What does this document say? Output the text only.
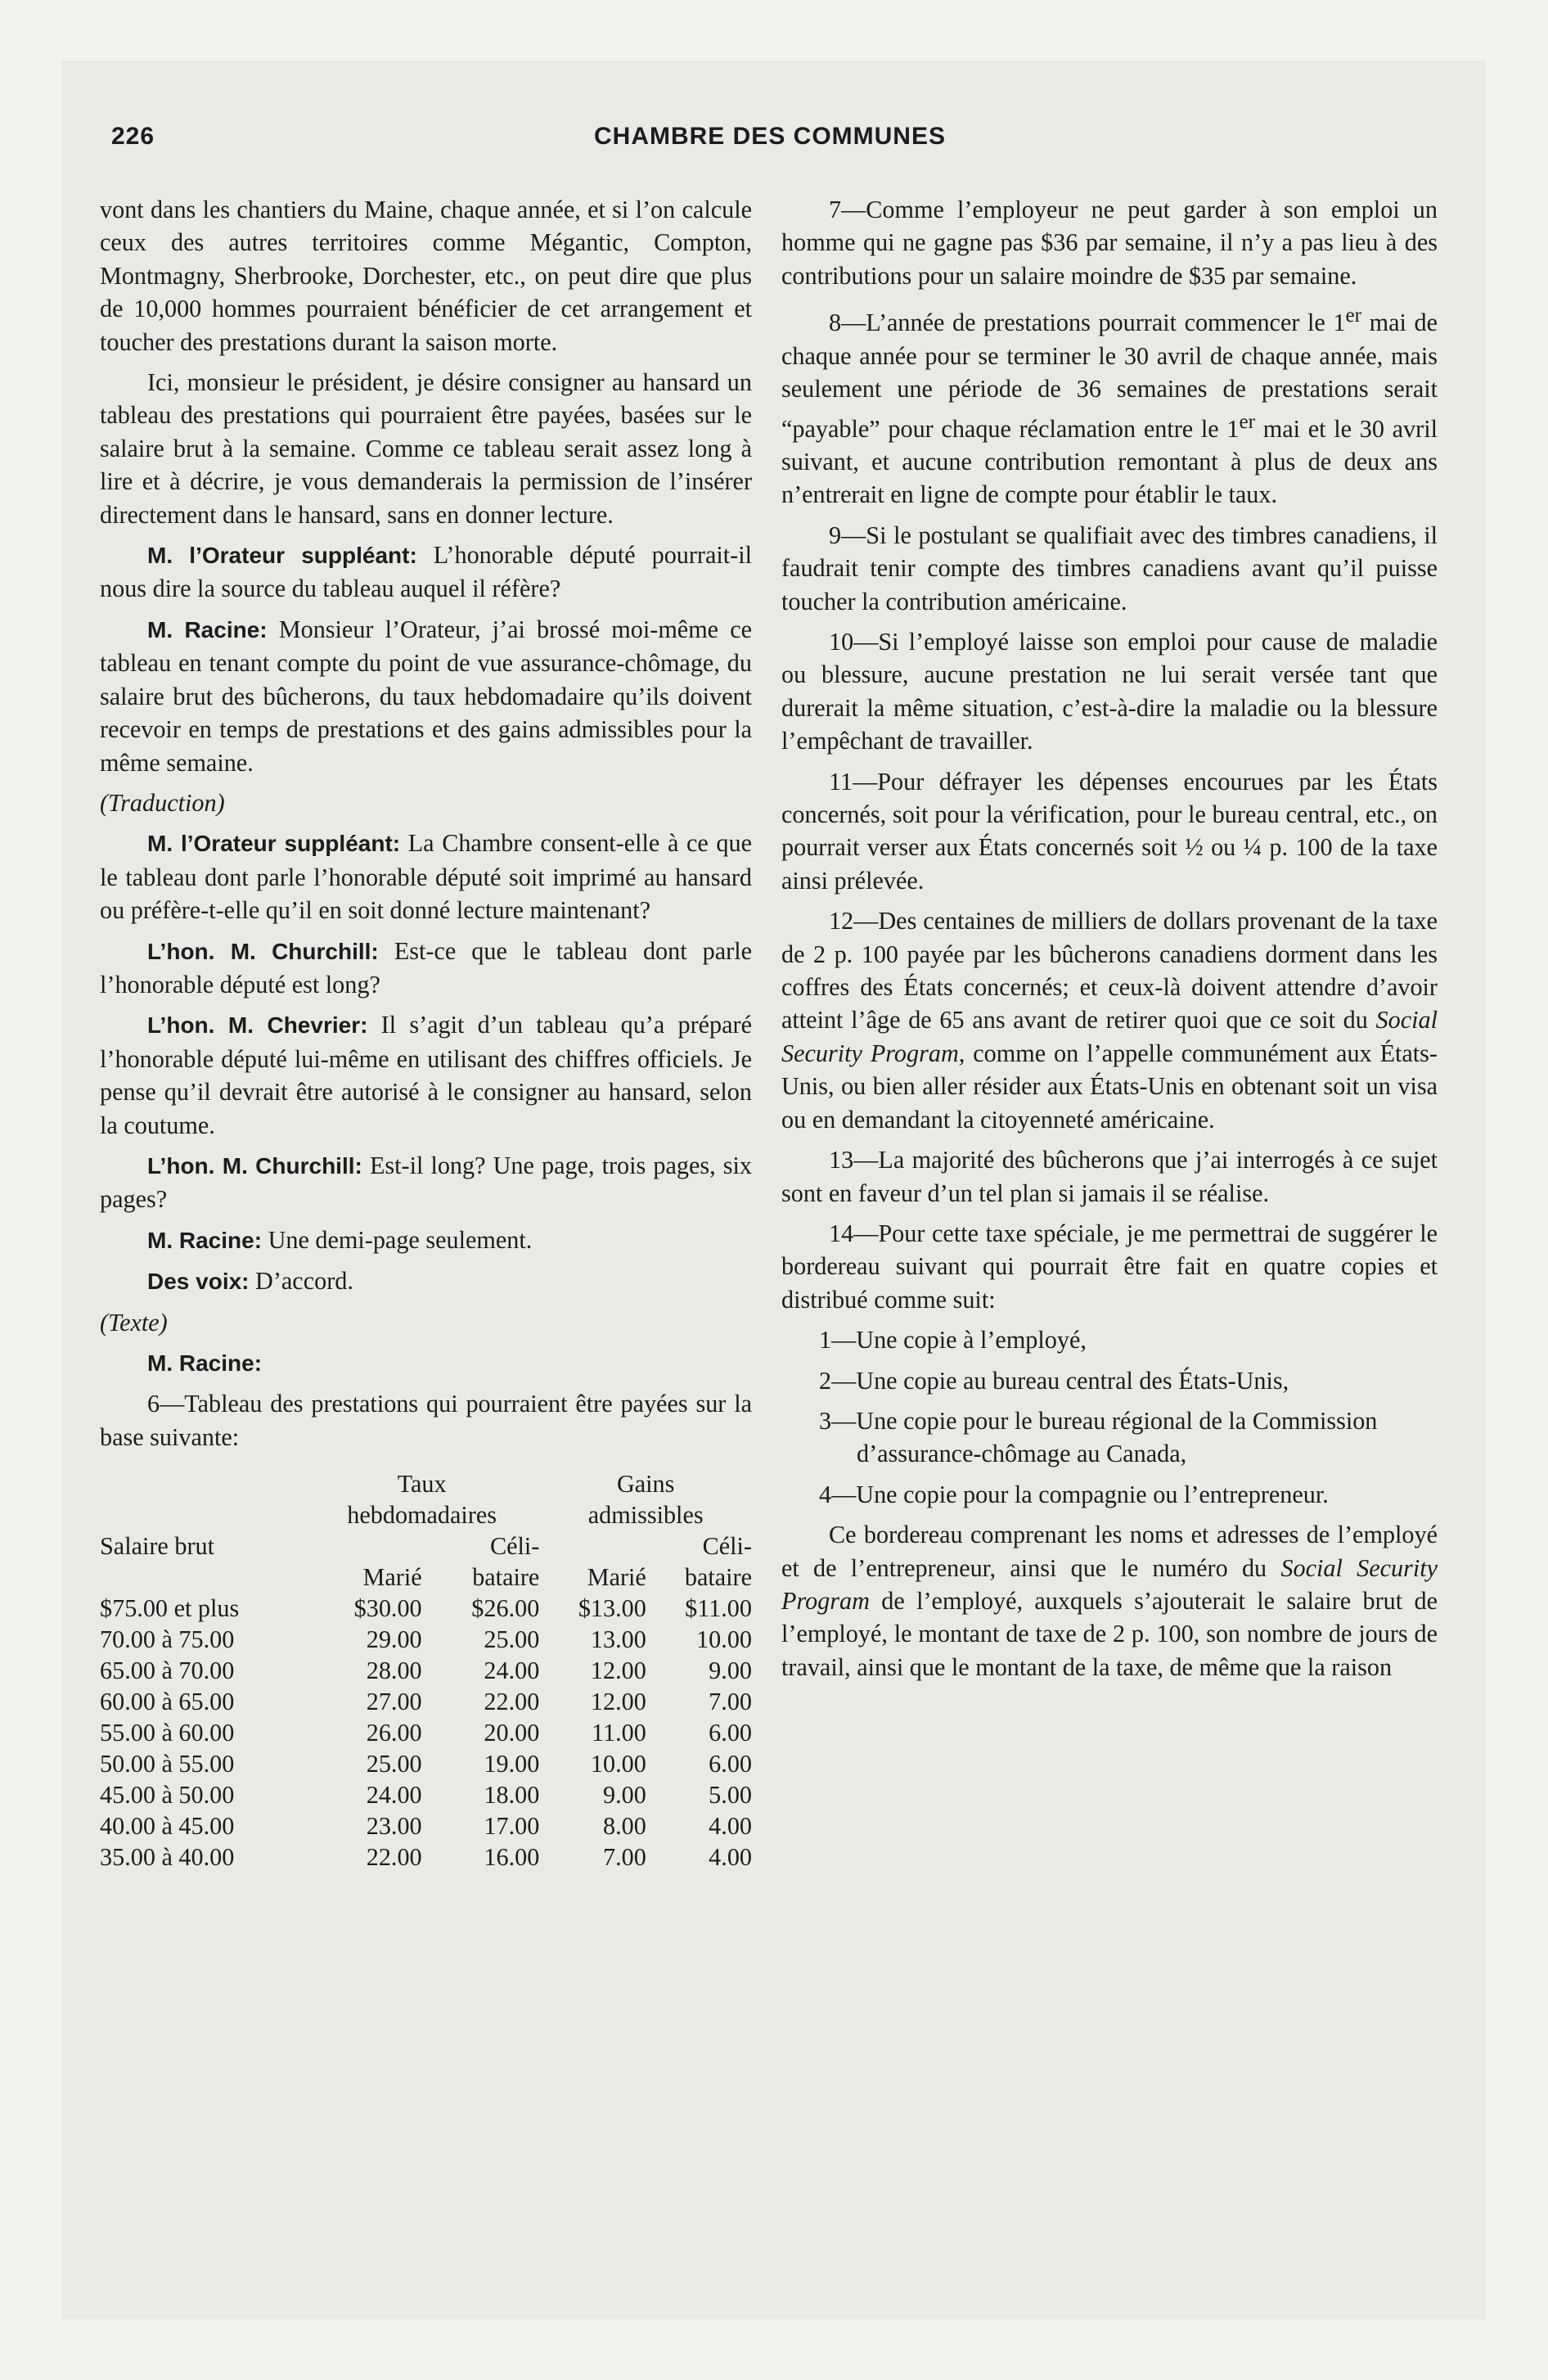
226	CHAMBRE DES COMMUNES

vont dans les chantiers du Maine, chaque année, et si l’on calcule ceux des autres territoires comme Mégantic, Compton, Montmagny, Sherbrooke, Dorchester, etc., on peut dire que plus de 10,000 hommes pourraient bénéficier de cet arrangement et toucher des prestations durant la saison morte.

Ici, monsieur le président, je désire consigner au hansard un tableau des prestations qui pourraient être payées, basées sur le salaire brut à la semaine. Comme ce tableau serait assez long à lire et à décrire, je vous demanderais la permission de l’insérer directement dans le hansard, sans en donner lecture.

M. l’Orateur suppléant: L’honorable député pourrait-il nous dire la source du tableau auquel il réfère?

M. Racine: Monsieur l’Orateur, j’ai brossé moi-même ce tableau en tenant compte du point de vue assurance-chômage, du salaire brut des bûcherons, du taux hebdomadaire qu’ils doivent recevoir en temps de prestations et des gains admissibles pour la même semaine.

(Traduction)

M. l’Orateur suppléant: La Chambre consent-elle à ce que le tableau dont parle l’honorable député soit imprimé au hansard ou préfère-t-elle qu’il en soit donné lecture maintenant?

L’hon. M. Churchill: Est-ce que le tableau dont parle l’honorable député est long?

L’hon. M. Chevrier: Il s’agit d’un tableau qu’a préparé l’honorable député lui-même en utilisant des chiffres officiels. Je pense qu’il devrait être autorisé à le consigner au hansard, selon la coutume.

L’hon. M. Churchill: Est-il long? Une page, trois pages, six pages?

M. Racine: Une demi-page seulement.

Des voix: D’accord.

(Texte)

M. Racine:

6—Tableau des prestations qui pourraient être payées sur la base suivante:

	Taux		Gains	
	hebdomadaires		admissibles	
Salaire brut		Céli-		Céli-
	Marié	bataire	Marié	bataire
$75.00 et plus	$30.00	$26.00	$13.00	$11.00
70.00 à 75.00	29.00	25.00	13.00	10.00
65.00 à 70.00	28.00	24.00	12.00	9.00
60.00 à 65.00	27.00	22.00	12.00	7.00
55.00 à 60.00	26.00	20.00	11.00	6.00
50.00 à 55.00	25.00	19.00	10.00	6.00
45.00 à 50.00	24.00	18.00	9.00	5.00
40.00 à 45.00	23.00	17.00	8.00	4.00
35.00 à 40.00	22.00	16.00	7.00	4.00

7—Comme l’employeur ne peut garder à son emploi un homme qui ne gagne pas $36 par semaine, il n’y a pas lieu à des contributions pour un salaire moindre de $35 par semaine.

8—L’année de prestations pourrait commencer le 1er mai de chaque année pour se terminer le 30 avril de chaque année, mais seulement une période de 36 semaines de prestations serait “payable” pour chaque réclamation entre le 1er mai et le 30 avril suivant, et aucune contribution remontant à plus de deux ans n’entrerait en ligne de compte pour établir le taux.

9—Si le postulant se qualifiait avec des timbres canadiens, il faudrait tenir compte des timbres canadiens avant qu’il puisse toucher la contribution américaine.

10—Si l’employé laisse son emploi pour cause de maladie ou blessure, aucune prestation ne lui serait versée tant que durerait la même situation, c’est-à-dire la maladie ou la blessure l’empêchant de travailler.

11—Pour défrayer les dépenses encourues par les États concernés, soit pour la vérification, pour le bureau central, etc., on pourrait verser aux États concernés soit ½ ou ¼ p. 100 de la taxe ainsi prélevée.

12—Des centaines de milliers de dollars provenant de la taxe de 2 p. 100 payée par les bûcherons canadiens dorment dans les coffres des États concernés; et ceux-là doivent attendre d’avoir atteint l’âge de 65 ans avant de retirer quoi que ce soit du Social Security Program, comme on l’appelle communément aux États-Unis, ou bien aller résider aux États-Unis en obtenant soit un visa ou en demandant la citoyenneté américaine.

13—La majorité des bûcherons que j’ai interrogés à ce sujet sont en faveur d’un tel plan si jamais il se réalise.

14—Pour cette taxe spéciale, je me permettrai de suggérer le bordereau suivant qui pourrait être fait en quatre copies et distribué comme suit:

1—Une copie à l’employé,

2—Une copie au bureau central des États-Unis,

3—Une copie pour le bureau régional de la Commission d’assurance-chômage au Canada,

4—Une copie pour la compagnie ou l’entrepreneur.

Ce bordereau comprenant les noms et adresses de l’employé et de l’entrepreneur, ainsi que le numéro du Social Security Program de l’employé, auxquels s’ajouterait le salaire brut de l’employé, le montant de taxe de 2 p. 100, son nombre de jours de travail, ainsi que le montant de la taxe, de même que la raison
